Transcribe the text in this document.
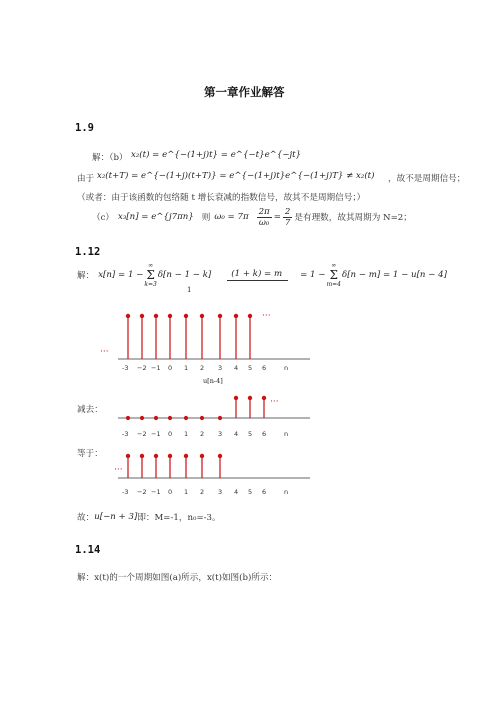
第一章作业解答
1.9
解：（b） x₂(t) = e^{−(1+j)t} = e^{−t}e^{−jt}
由于 x₂(t+T) = e^{−(1+j)(t+T)} = e^{−(1+j)t}e^{−(1+j)T} ≠ x₂(t) ，故不是周期信号；
（或者：由于该函数的包络随 t 增长衰减的指数信号，故其不是周期信号；）
（c） x₃[n] = e^{j7πn} 则 $\omega_0 = 7\pi \frac{2\pi}{\text{ω₀}} = \frac{2}{7}$ 是有理数，故其周期为 N=2；
1.12
解： x[n] = 1 −
∞
Σ
k=3
δ[n − 1 − k]	(1 + k) = m	= 1 −
∞
Σ
m=4
δ[n − m] = 1 − u[n − 4]
1
···
···
-3 −2 −1 0 1 2 3 4 5 6	n
u[n-4]
减去：
···
-3 −2 −1 0 1 2 3 4 5 6	n
等于：
···
-3 −2 −1 0 1 2 3 4 5 6	n
故： u[−n + 3] 即：M=-1，n₀=-3。
1.14
解：x(t)的一个周期如图(a)所示，x(t)如图(b)所示：
